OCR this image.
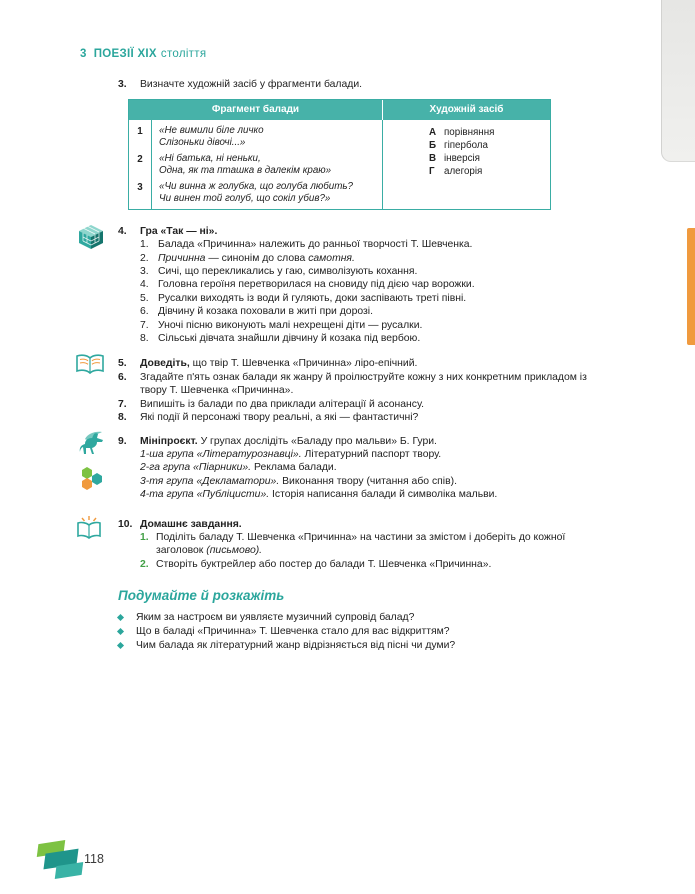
3 ПОЕЗІЇ XIX століття
3.	Визначте художній засіб у фрагменти балади.
Фрагмент балади	Художній засіб
1	«Не вимили біле личко
Слізоньки дівочі...»
2	«Ні батька, ні неньки,
Одна, як та пташка в далекім краю»
3	«Чи винна ж голубка, що голуба любить?
Чи винен той голуб, що сокіл убив?»
А порівняння
Б гіпербола
В інверсія
Г алегорія
4.	Гра «Так — ні».
1. Балада «Причинна» належить до ранньої творчості Т. Шевченка.
2. Причинна — синонім до слова самотня.
3. Сичі, що перекликались у гаю, символізують кохання.
4. Головна героїня перетворилася на сновиду під дією чар ворожки.
5. Русалки виходять із води й гуляють, доки заспівають треті півні.
6. Дівчину й козака поховали в житі при дорозі.
7. Уночі пісню виконують малі нехрещені діти — русалки.
8. Сільські дівчата знайшли дівчину й козака під вербою.
5.	Доведіть, що твір Т. Шевченка «Причинна» ліро-епічний.
6.	Згадайте п'ять ознак балади як жанру й проілюструйте кожну з них конкретним прикладом із твору Т. Шевченка «Причинна».
7.	Випишіть із балади по два приклади алітерації й асонансу.
8.	Які події й персонажі твору реальні, а які — фантастичні?
9.	Мініпроєкт. У групах дослідіть «Баладу про мальви» Б. Гури.
1-ша група «Літературознавці». Літературний паспорт твору.
2-га група «Піарники». Реклама балади.
3-тя група «Декламатори». Виконання твору (читання або спів).
4-та група «Публіцисти». Історія написання балади й символіка мальви.
10. Домашнє завдання.
1. Поділіть баладу Т. Шевченка «Причинна» на частини за змістом і доберіть до кожної заголовок (письмово).
2. Створіть буктрейлер або постер до балади Т. Шевченка «Причинна».
Подумайте й розкажіть
Яким за настроєм ви уявляєте музичний супровід балад?
Що в баладі «Причинна» Т. Шевченка стало для вас відкриттям?
Чим балада як літературний жанр відрізняється від пісні чи думи?
118
